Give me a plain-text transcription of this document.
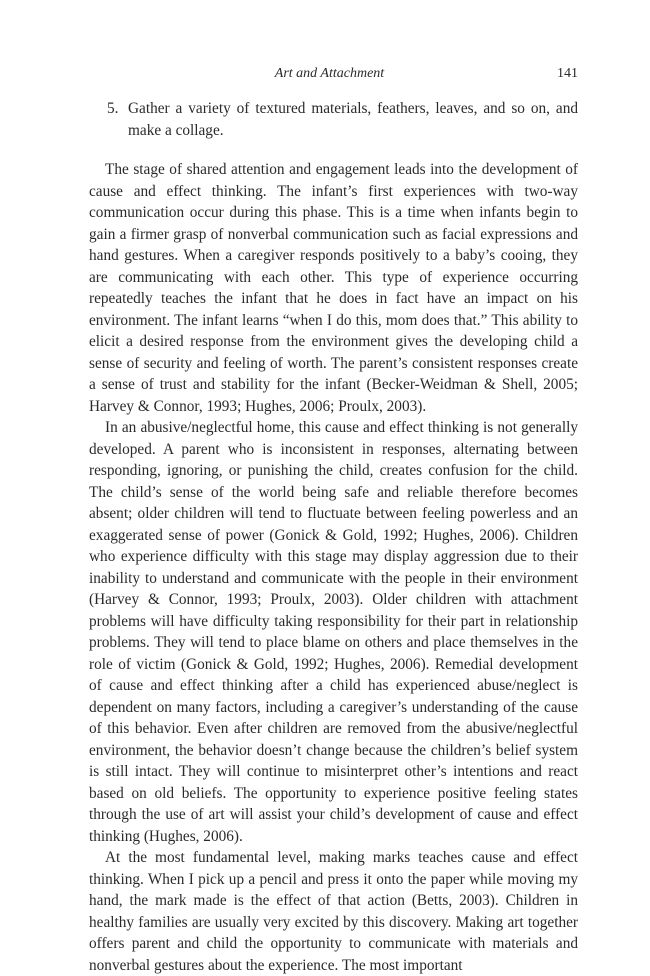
Art and Attachment	141
5. Gather a variety of textured materials, feathers, leaves, and so on, and make a collage.

The stage of shared attention and engagement leads into the development of cause and effect thinking. The infant’s first experiences with two-way communication occur during this phase. This is a time when infants begin to gain a firmer grasp of nonverbal communication such as facial expressions and hand gestures. When a caregiver responds positively to a baby’s cooing, they are communicating with each other. This type of experience occurring repeatedly teaches the infant that he does in fact have an impact on his environment. The infant learns “when I do this, mom does that.” This ability to elicit a desired response from the environment gives the developing child a sense of security and feeling of worth. The parent’s consistent responses create a sense of trust and stability for the infant (Becker-Weidman & Shell, 2005; Harvey & Connor, 1993; Hughes, 2006; Proulx, 2003).

In an abusive/neglectful home, this cause and effect thinking is not generally developed. A parent who is inconsistent in responses, alternating between responding, ignoring, or punishing the child, creates confusion for the child. The child’s sense of the world being safe and reliable therefore becomes absent; older children will tend to fluctuate between feeling powerless and an exaggerated sense of power (Gonick & Gold, 1992; Hughes, 2006). Children who experience difficulty with this stage may display aggression due to their inability to understand and communicate with the people in their environment (Harvey & Connor, 1993; Proulx, 2003). Older children with attachment problems will have difficulty taking responsibility for their part in relationship problems. They will tend to place blame on others and place themselves in the role of victim (Gonick & Gold, 1992; Hughes, 2006). Remedial development of cause and effect thinking after a child has experienced abuse/neglect is dependent on many factors, including a caregiver’s understanding of the cause of this behavior. Even after children are removed from the abusive/neglectful environment, the behavior doesn’t change because the children’s belief system is still intact. They will continue to misinterpret other’s intentions and react based on old beliefs. The opportunity to experience positive feeling states through the use of art will assist your child’s development of cause and effect thinking (Hughes, 2006).

At the most fundamental level, making marks teaches cause and effect thinking. When I pick up a pencil and press it onto the paper while moving my hand, the mark made is the effect of that action (Betts, 2003). Children in healthy families are usually very excited by this discovery. Making art together offers parent and child the opportunity to communicate with materials and nonverbal gestures about the experience. The most important
